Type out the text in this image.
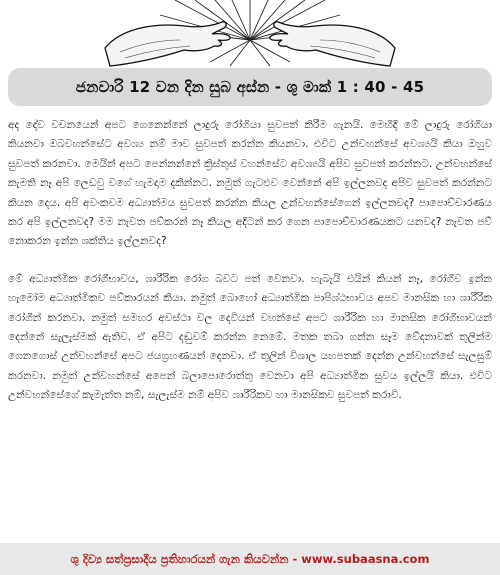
ජනවාරි 12 වන දින සුබ අස්න - ශු මාක් 1 : 40 - 45

අද දේව වචනයෙන් අපට ගෙනෙන්නේ ලාදුරු රෝගියා සුවපත් කිරීම ගැනයි. මෙහිදි මේ ලාදුරු රෝගියා කියනවා ඔබවහන්සේට අවශ්‍ය නම් මාව සුවපත් කරන්න කියනවා. එවිට උන්වහන්සේ අවශ්‍යයි කියා ඔහුව සුවපත් කරනවා. මෙයින් අපට පෙන්නන්නේ ක්‍රිස්තුස් වහන්සේට අවශ්‍යයි අපිව සුවපත් කරන්නට. උන්වහන්සේ කැමති නෑ අපි ලෙඩවු වගේ හැමදාම දකින්නට. නමුත් ගැටළුව වෙන්නේ අපි ඉල්ලනවද අපිව සුවපත් කරන්නට කියන දෙය. අපි අවංකවම අධ්‍යාත්මය සුවපත් කරන්න කියල උන්වහන්සේගෙන් ඉල්ලනවද? පාපොච්චාරණය කර අපි ඉල්ලනවද? මම නැවත පව්කරන් නෑ කියල අදිටන් කර ගෙන පාපොච්චාරණයකට යනවද? නැවත පව් නොකරන ඉන්න ශක්තිය ඉල්ලනවද?

මේ අධ්‍යාත්මික රෝගීභාවය, ශාරීරික රෝග බවට පත් වෙනවා. හැබැයි එයින් කියන් නෑ, රෝගීව ඉන්න හැමෝම අධ්‍යාත්මිකව පව්කාරයන් කියා. නමුත් බොහෝ අධ්‍යාත්මික පාපිශ්ඨභාවය අපව මානසික හා ශාරීරික රෝගීන් කරනවා. නමුත් සමහර අවස්ථා වල දෙවියන් වහන්සේ අපට ශාරීරික හා මානසික රෝගීභාවයන් දෙන්නේ සැලැස්මක් ඇතිව. ඒ අපිට දඬුවම් කරන්න නෙමේ. මතක තබා ගන්න සෑම වේදනාවක් තුලින්ම ගෙනගොස් උන්වහන්සේ අපට ජයග්‍රහණයන් දෙනවා. ඒ තුලින් විශාල යහපතක් දෙන්න උන්වහන්සේ සැලසුම් කරනවා. නමුත් උන්වහන්සේ අපෙන් බලාපොරොත්තු වෙනවා අපි අධ්‍යාත්මික සුවය ඉල්ලයි කියා. එවිට උන්වහන්සේගේ කැමැත්ත නම්, සැලැස්ම නම් අපිව ශාරීරිකව හා මානසිකව සුවපත් කරාවි.

ශු දිව්‍ය සත්ප්‍රසාදීය ප්‍රතිහාරයන් ගැන කියවන්න - www.subaasna.com
